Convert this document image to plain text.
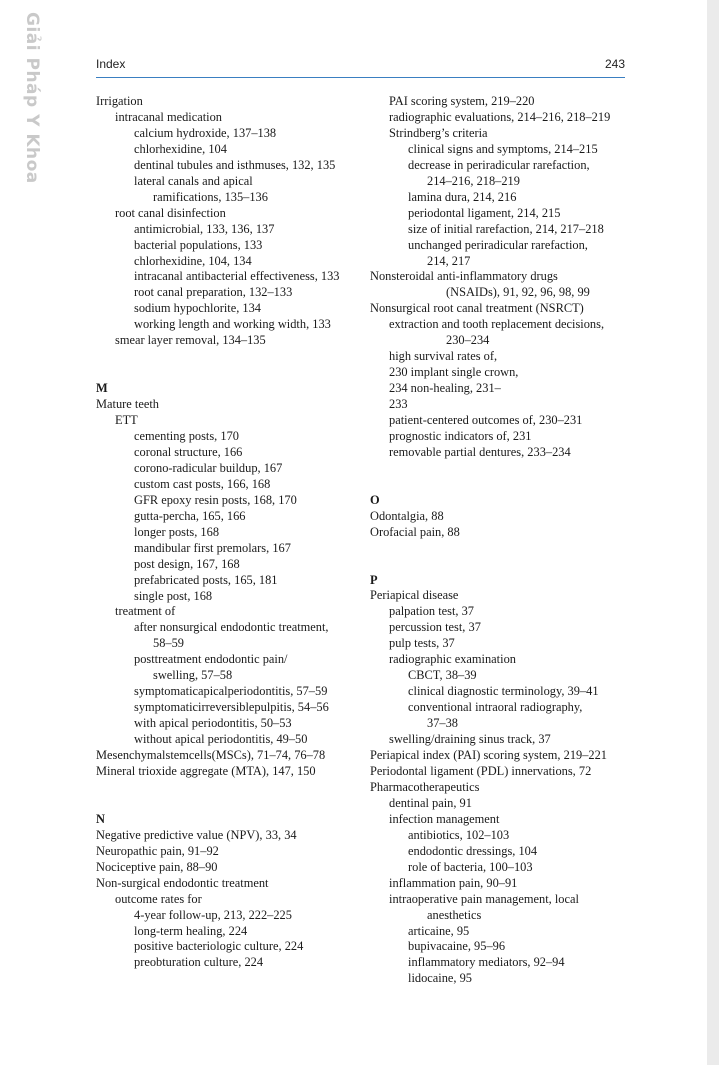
Giải Pháp Y Khoa	Index	243
Irrigation
intracanal medication
calcium hydroxide, 137–138
chlorhexidine, 104
dentinal tubules and isthmuses, 132, 135
lateral canals and apical
ramifications, 135–136
root canal disinfection
antimicrobial, 133, 136, 137
bacterial populations, 133
chlorhexidine, 104, 134
intracanal antibacterial effectiveness, 133
root canal preparation, 132–133
sodium hypochlorite, 134
working length and working width, 133
smear layer removal, 134–135
M
Mature teeth
ETT
cementing posts, 170
coronal structure, 166
corono-radicular buildup, 167
custom cast posts, 166, 168
GFR epoxy resin posts, 168, 170
gutta-percha, 165, 166
longer posts, 168
mandibular first premolars, 167
post design, 167, 168
prefabricated posts, 165, 181
single post, 168
treatment of
after nonsurgical endodontic treatment,
58–59
posttreatment endodontic pain/
swelling, 57–58
symptomaticapicalperiodontitis, 57–59
symptomaticirreversiblepulpitis, 54–56
with apical periodontitis, 50–53
without apical periodontitis, 49–50
Mesenchymalstemcells(MSCs), 71–74, 76–78
Mineral trioxide aggregate (MTA), 147, 150
N
Negative predictive value (NPV), 33, 34
Neuropathic pain, 91–92
Nociceptive pain, 88–90
Non-surgical endodontic treatment
outcome rates for
4-year follow-up, 213, 222–225
long-term healing, 224
positive bacteriologic culture, 224
preobturation culture, 224
PAI scoring system, 219–220
radiographic evaluations, 214–216, 218–219
Strindberg’s criteria
clinical signs and symptoms, 214–215
decrease in periradicular rarefaction,
214–216, 218–219
lamina dura, 214, 216
periodontal ligament, 214, 215
size of initial rarefaction, 214, 217–218
unchanged periradicular rarefaction,
214, 217
Nonsteroidal anti-inflammatory drugs
(NSAIDs), 91, 92, 96, 98, 99
Nonsurgical root canal treatment (NSRCT)
extraction and tooth replacement decisions,
230–234
high survival rates of,
230 implant single crown,
234 non-healing, 231–
233
patient-centered outcomes of, 230–231
prognostic indicators of, 231
removable partial dentures, 233–234
O
Odontalgia, 88
Orofacial pain, 88
P
Periapical disease
palpation test, 37
percussion test, 37
pulp tests, 37
radiographic examination
CBCT, 38–39
clinical diagnostic terminology, 39–41
conventional intraoral radiography,
37–38
swelling/draining sinus track, 37
Periapical index (PAI) scoring system, 219–221
Periodontal ligament (PDL) innervations, 72
Pharmacotherapeutics
dentinal pain, 91
infection management
antibiotics, 102–103
endodontic dressings, 104
role of bacteria, 100–103
inflammation pain, 90–91
intraoperative pain management, local
anesthetics
articaine, 95
bupivacaine, 95–96
inflammatory mediators, 92–94
lidocaine, 95
